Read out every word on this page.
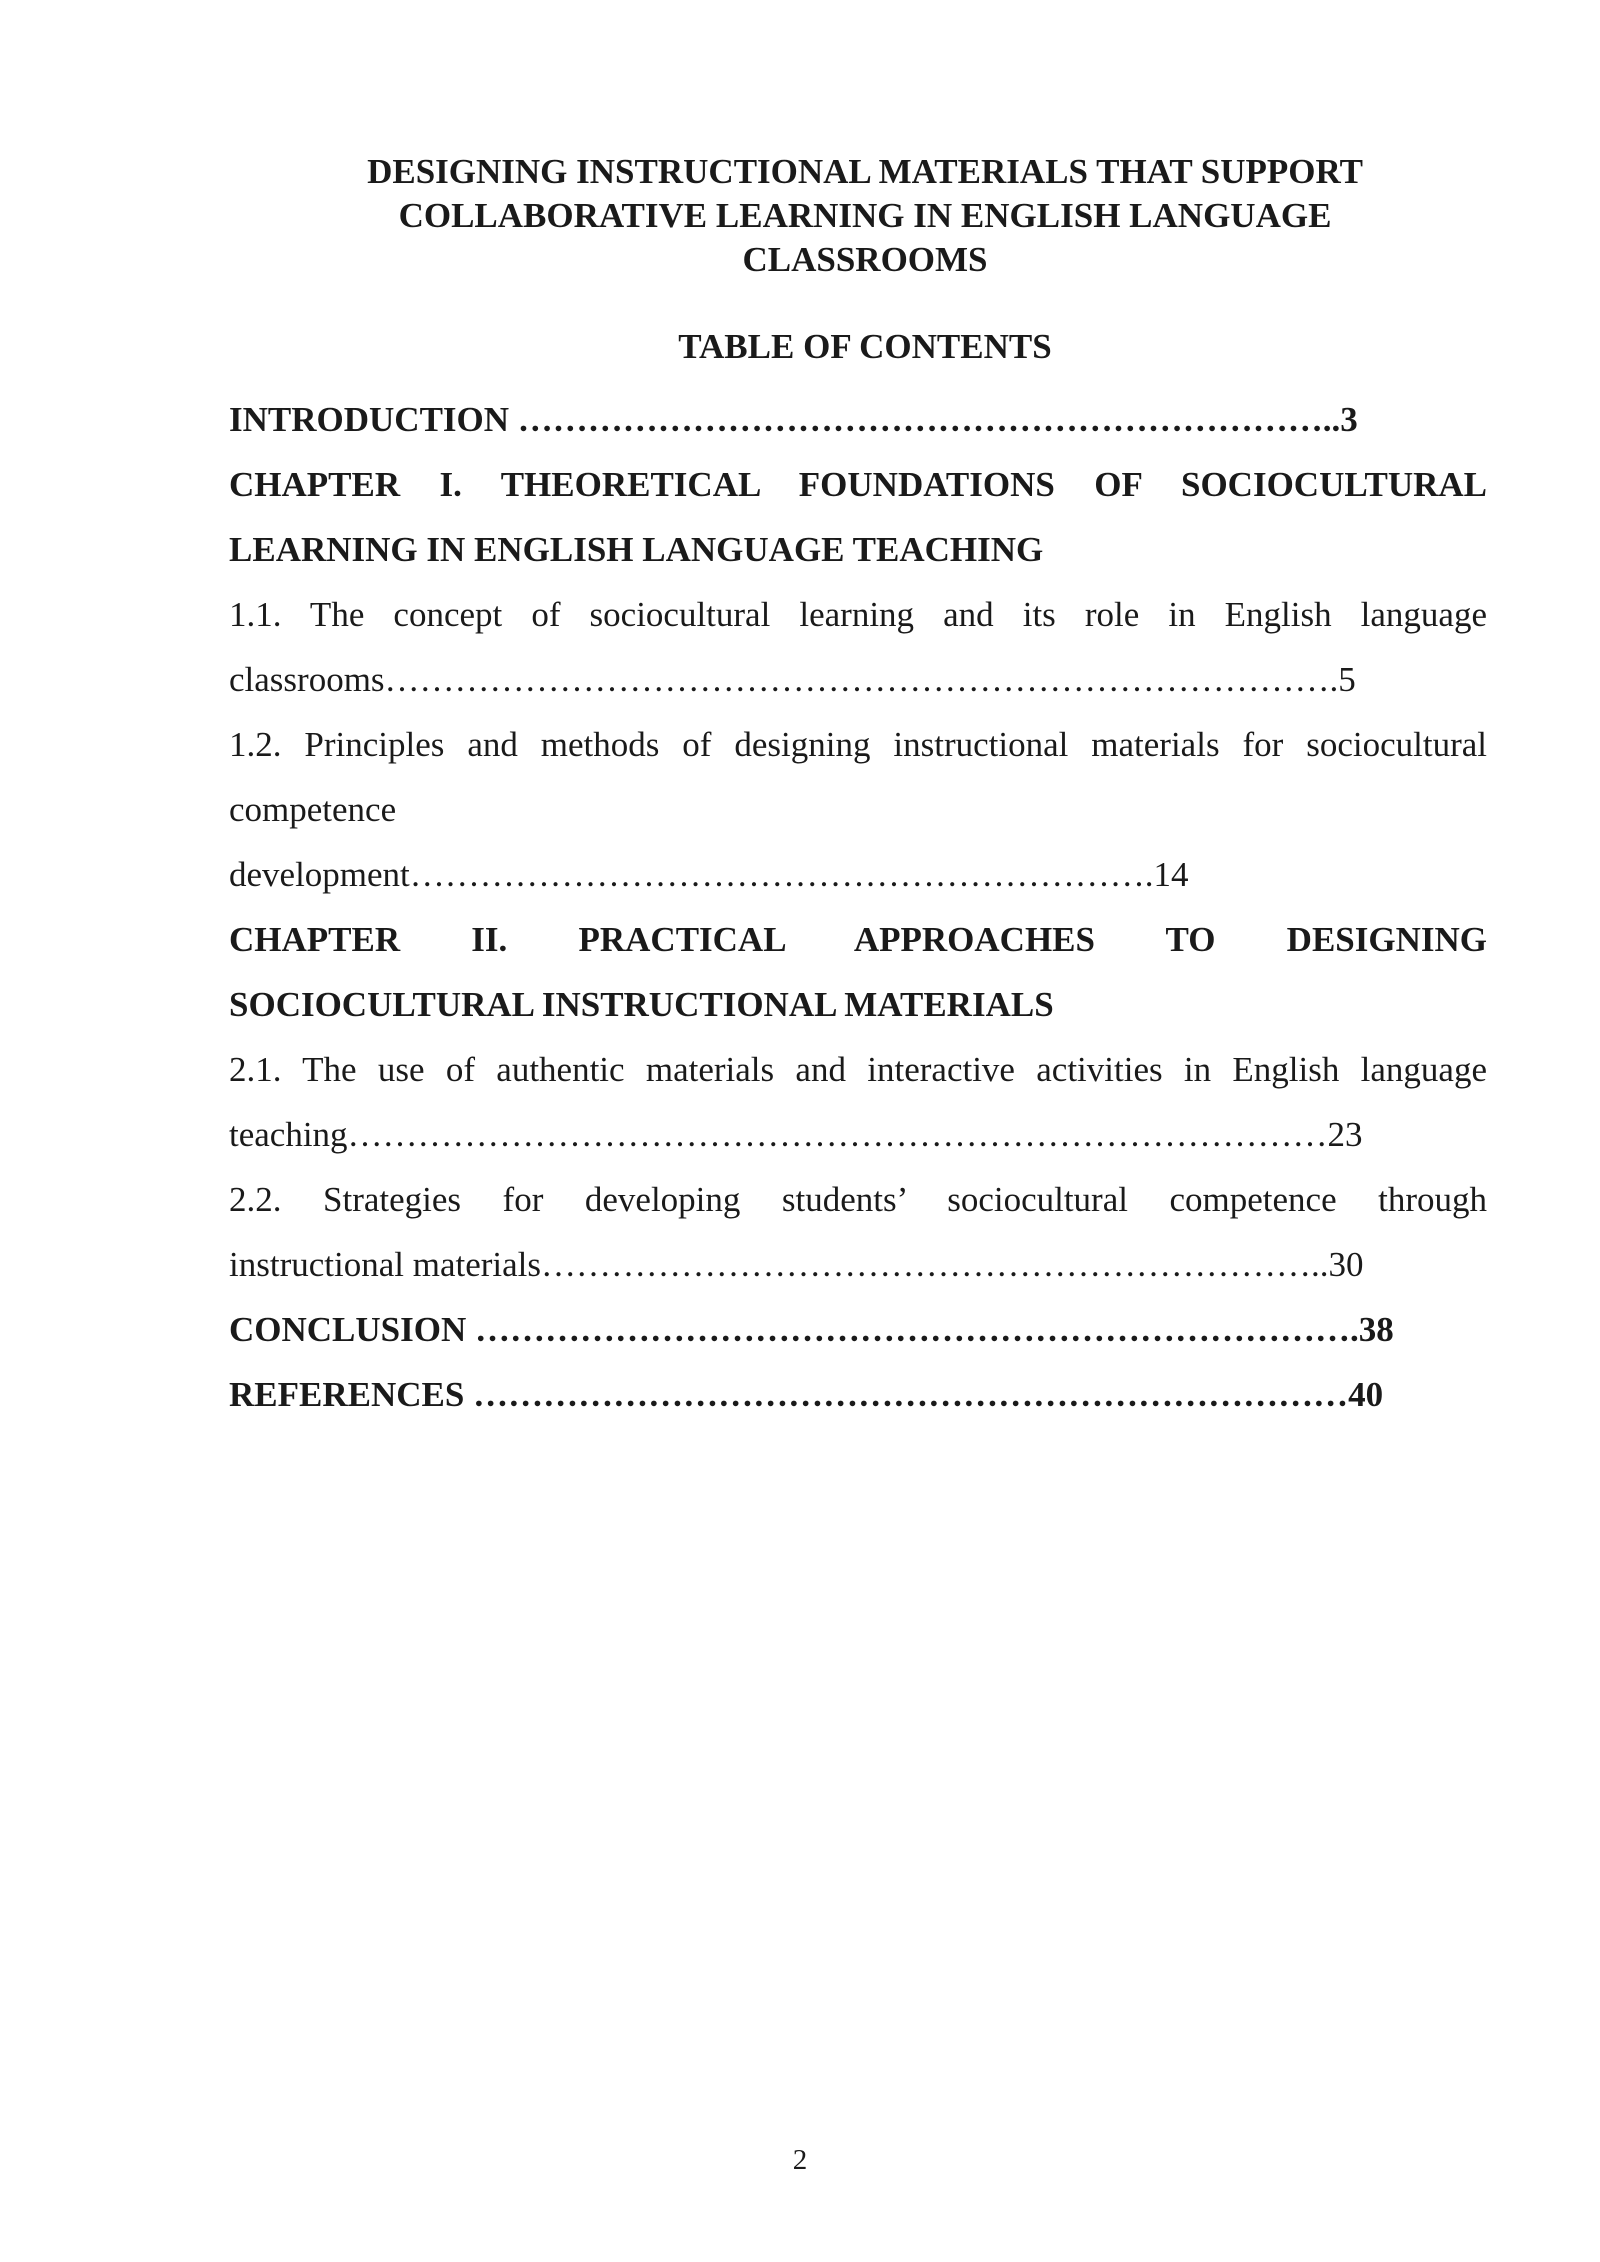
DESIGNING INSTRUCTIONAL MATERIALS THAT SUPPORT
COLLABORATIVE LEARNING IN ENGLISH LANGUAGE
CLASSROOMS
TABLE OF CONTENTS
INTRODUCTION ……………………………………………………………..3
CHAPTER I. THEORETICAL FOUNDATIONS OF SOCIOCULTURAL
LEARNING IN ENGLISH LANGUAGE TEACHING
1.1. The concept of sociocultural learning and its role in English language
classrooms……………………………………………………………………….5
1.2. Principles and methods of designing instructional materials for sociocultural
competence
development……………………………………………………….14
CHAPTER II. PRACTICAL APPROACHES TO DESIGNING
SOCIOCULTURAL INSTRUCTIONAL MATERIALS
2.1. The use of authentic materials and interactive activities in English language
teaching…………………………………………………………………………23
2.2. Strategies for developing students’ sociocultural competence through
instructional materials…………………………………………………………..30
CONCLUSION ………………………………………………………………….38
REFERENCES …………………………………………………………………40
2
